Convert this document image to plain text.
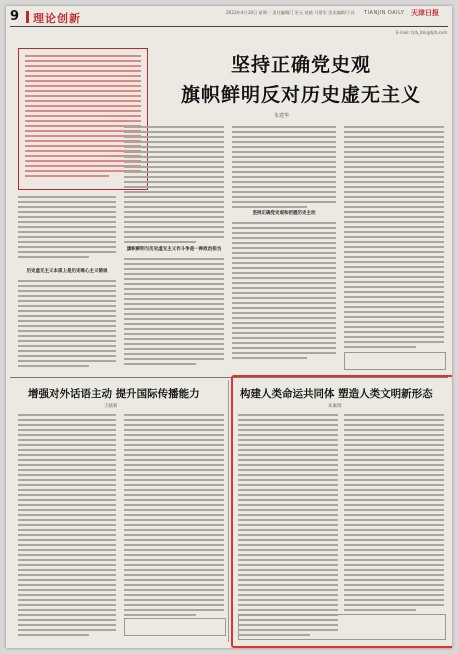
9 理论创新	2023年4月10日 星期一 责任编辑/丁宏元 范晓 马常军 美术编辑/于洋 TIANJIN DAILY 天津日报
E-mail: tjrb_llzk@tjrb.com
坚持正确党史观
旗帜鲜明反对历史虚无主义
朱建华
历史虚无主义本质上是历史唯心主义错误
旗帜鲜明与历史虚无主义作斗争是一种政治担当
坚持正确党史观和把握历史主动
增强对外话语主动 提升国际传播能力
王晓莉
构建人类命运共同体 塑造人类文明新形态
朱素瑞
